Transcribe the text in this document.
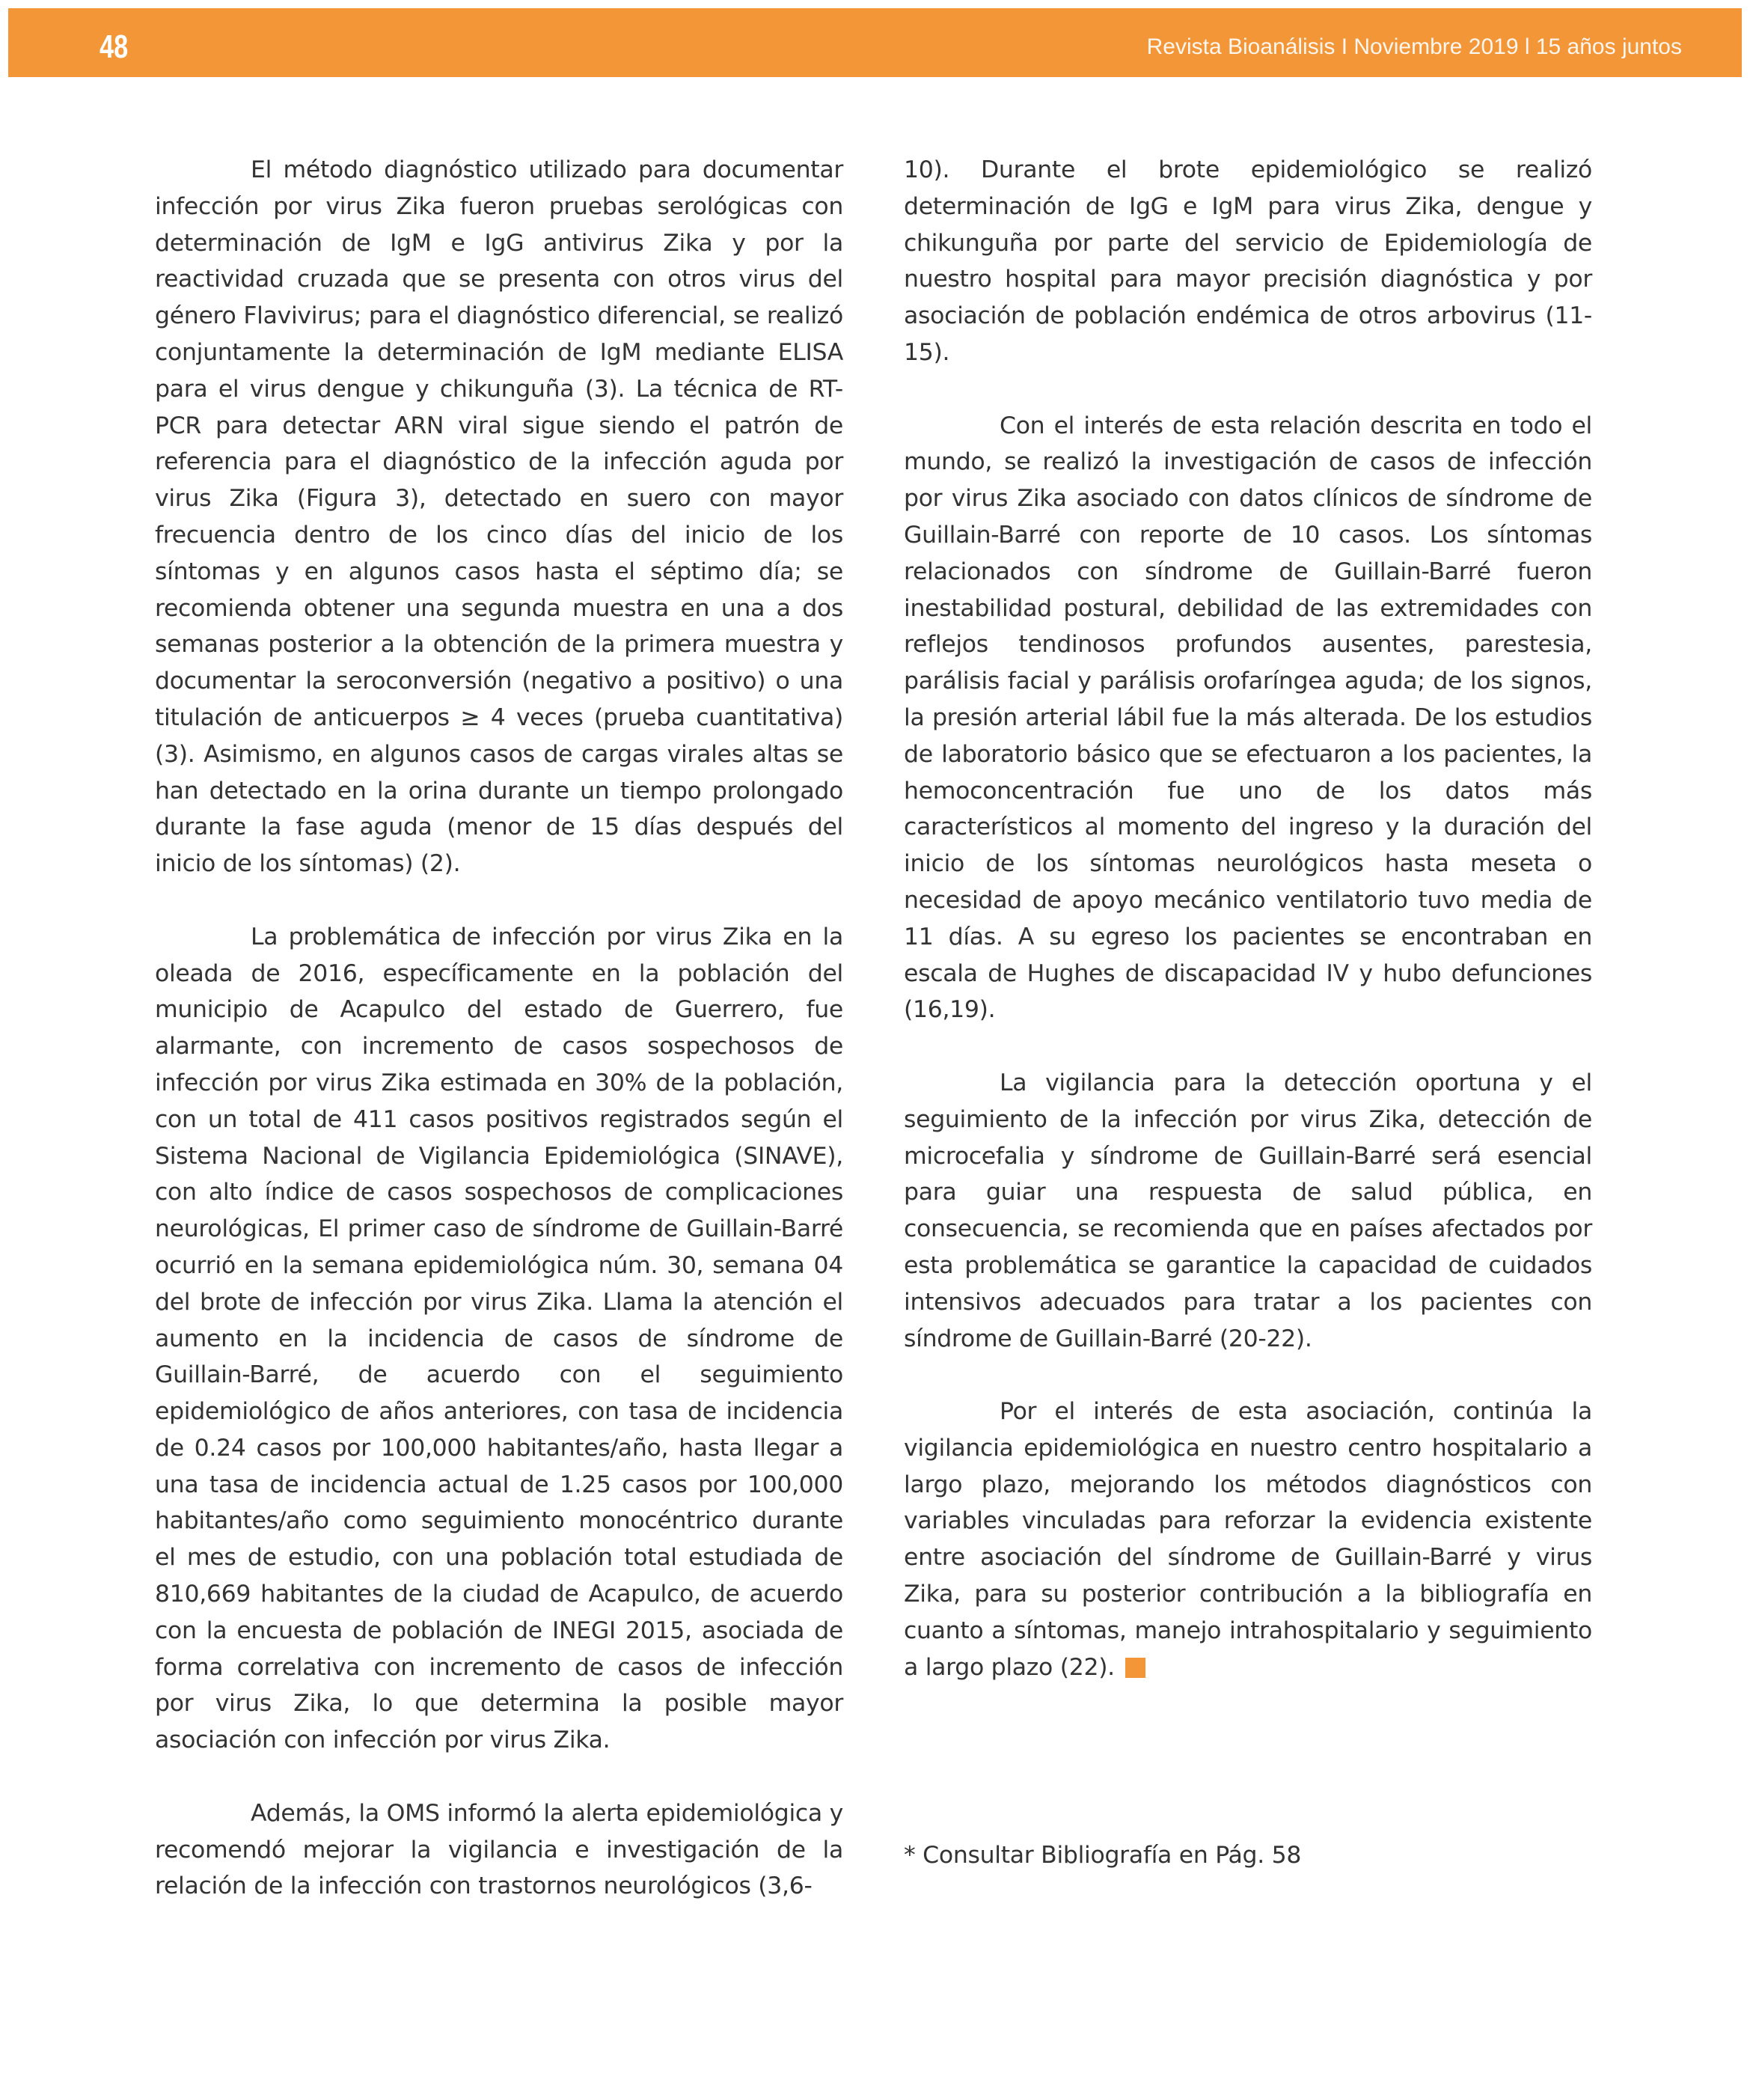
48	Revista Bioanálisis I Noviembre 2019 l 15 años juntos

El método diagnóstico utilizado para documentar infección por virus Zika fueron pruebas serológicas con determinación de IgM e IgG antivirus Zika y por la reactividad cruzada que se presenta con otros virus del género Flavivirus; para el diagnóstico diferencial, se realizó conjuntamente la determinación de IgM mediante ELISA para el virus dengue y chikunguña (3). La técnica de RT-PCR para detectar ARN viral sigue siendo el patrón de referencia para el diagnóstico de la infección aguda por virus Zika (Figura 3), detectado en suero con mayor frecuencia dentro de los cinco días del inicio de los síntomas y en algunos casos hasta el séptimo día; se recomienda obtener una segunda muestra en una a dos semanas posterior a la obtención de la primera muestra y documentar la seroconversión (negativo a positivo) o una titulación de anticuerpos ≥ 4 veces (prueba cuantitativa)(3). Asimismo, en algunos casos de cargas virales altas se han detectado en la orina durante un tiempo prolongado durante la fase aguda (menor de 15 días después del inicio de los síntomas) (2).

La problemática de infección por virus Zika en la oleada de 2016, específicamente en la población del municipio de Acapulco del estado de Guerrero, fue alarmante, con incremento de casos sospechosos de infección por virus Zika estimada en 30% de la población, con un total de 411 casos positivos registrados según el Sistema Nacional de Vigilancia Epidemiológica (SINAVE), con alto índice de casos sospechosos de complicaciones neurológicas, El primer caso de síndrome de Guillain-Barré ocurrió en la semana epidemiológica núm. 30, semana 04 del brote de infección por virus Zika. Llama la atención el aumento en la incidencia de casos de síndrome de Guillain-Barré, de acuerdo con el seguimiento epidemiológico de años anteriores, con tasa de incidencia de 0.24 casos por 100,000 habitantes/año, hasta llegar a una tasa de incidencia actual de 1.25 casos por 100,000 habitantes/año como seguimiento monocéntrico durante el mes de estudio, con una población total estudiada de 810,669 habitantes de la ciudad de Acapulco, de acuerdo con la encuesta de población de INEGI 2015, asociada de forma correlativa con incremento de casos de infección por virus Zika, lo que determina la posible mayor asociación con infección por virus Zika.

Además, la OMS informó la alerta epidemiológica y recomendó mejorar la vigilancia e investigación de la relación de la infección con trastornos neurológicos (3,6-

10). Durante el brote epidemiológico se realizó determinación de IgG e IgM para virus Zika, dengue y chikunguña por parte del servicio de Epidemiología de nuestro hospital para mayor precisión diagnóstica y por asociación de población endémica de otros arbovirus (11-15).

Con el interés de esta relación descrita en todo el mundo, se realizó la investigación de casos de infección por virus Zika asociado con datos clínicos de síndrome de Guillain-Barré con reporte de 10 casos. Los síntomas relacionados con síndrome de Guillain-Barré fueron inestabilidad postural, debilidad de las extremidades con reflejos tendinosos profundos ausentes, parestesia, parálisis facial y parálisis orofaríngea aguda; de los signos, la presión arterial lábil fue la más alterada. De los estudios de laboratorio básico que se efectuaron a los pacientes, la hemoconcentración fue uno de los datos más característicos al momento del ingreso y la duración del inicio de los síntomas neurológicos hasta meseta o necesidad de apoyo mecánico ventilatorio tuvo media de 11 días. A su egreso los pacientes se encontraban en escala de Hughes de discapacidad IV y hubo defunciones (16,19).

La vigilancia para la detección oportuna y el seguimiento de la infección por virus Zika, detección de microcefalia y síndrome de Guillain-Barré será esencial para guiar una respuesta de salud pública, en consecuencia, se recomienda que en países afectados por esta problemática se garantice la capacidad de cuidados intensivos adecuados para tratar a los pacientes con síndrome de Guillain-Barré (20-22).

Por el interés de esta asociación, continúa la vigilancia epidemiológica en nuestro centro hospitalario a largo plazo, mejorando los métodos diagnósticos con variables vinculadas para reforzar la evidencia existente entre asociación del síndrome de Guillain-Barré y virus Zika, para su posterior contribución a la bibliografía en cuanto a síntomas, manejo intrahospitalario y seguimiento a largo plazo (22).

* Consultar Bibliografía en Pág. 58
